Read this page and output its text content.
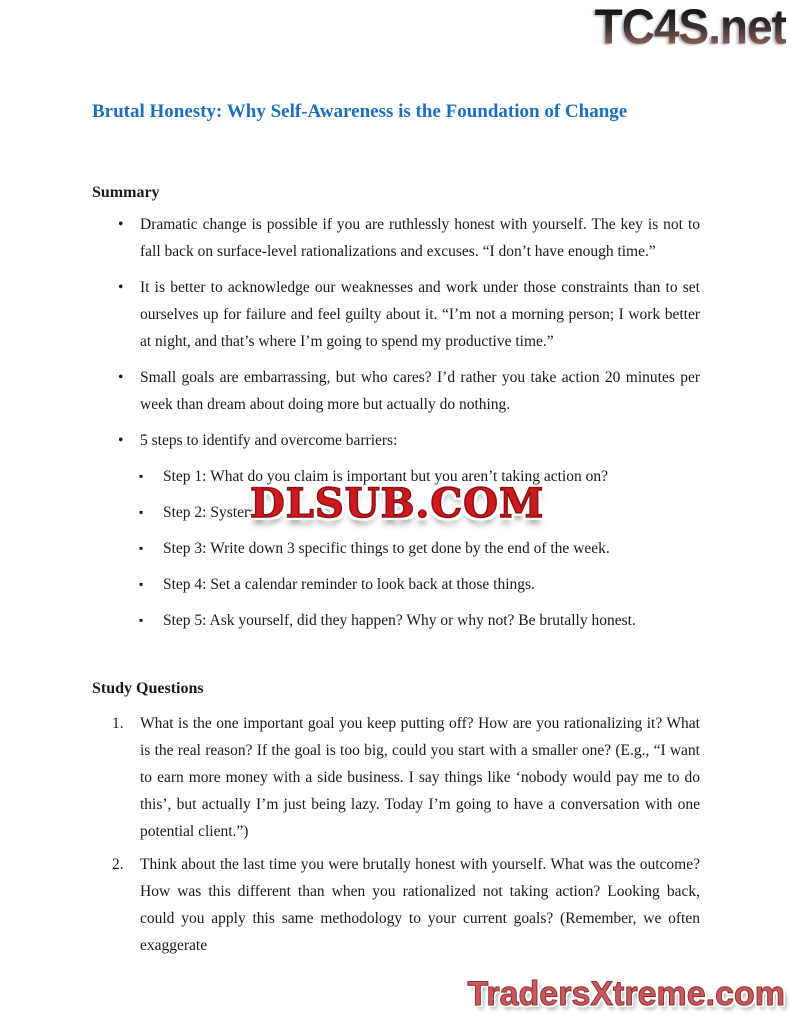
TC4S.net
Brutal Honesty: Why Self-Awareness is the Foundation of Change
Summary
• Dramatic change is possible if you are ruthlessly honest with yourself. The key is not to fall back on surface-level rationalizations and excuses. “I don’t have enough time.”
• It is better to acknowledge our weaknesses and work under those constraints than to set ourselves up for failure and feel guilty about it. “I’m not a morning person; I work better at night, and that’s where I’m going to spend my productive time.”
• Small goals are embarrassing, but who cares? I’d rather you take action 20 minutes per week than dream about doing more but actually do nothing.
• 5 steps to identify and overcome barriers:
▪ Step 1: What do you claim is important but you aren’t taking action on?
▪ Step 2: Systema
▪ Step 3: Write down 3 specific things to get done by the end of the week.
▪ Step 4: Set a calendar reminder to look back at those things.
▪ Step 5: Ask yourself, did they happen? Why or why not? Be brutally honest.
Study Questions
1. What is the one important goal you keep putting off? How are you rationalizing it? What is the real reason? If the goal is too big, could you start with a smaller one? (E.g., “I want to earn more money with a side business. I say things like ‘nobody would pay me to do this’, but actually I’m just being lazy. Today I’m going to have a conversation with one potential client.”)
2. Think about the last time you were brutally honest with yourself. What was the outcome? How was this different than when you rationalized not taking action? Looking back, could you apply this same methodology to your current goals? (Remember, we often exaggerate
DLSUB.COM
TradersXtreme.com
